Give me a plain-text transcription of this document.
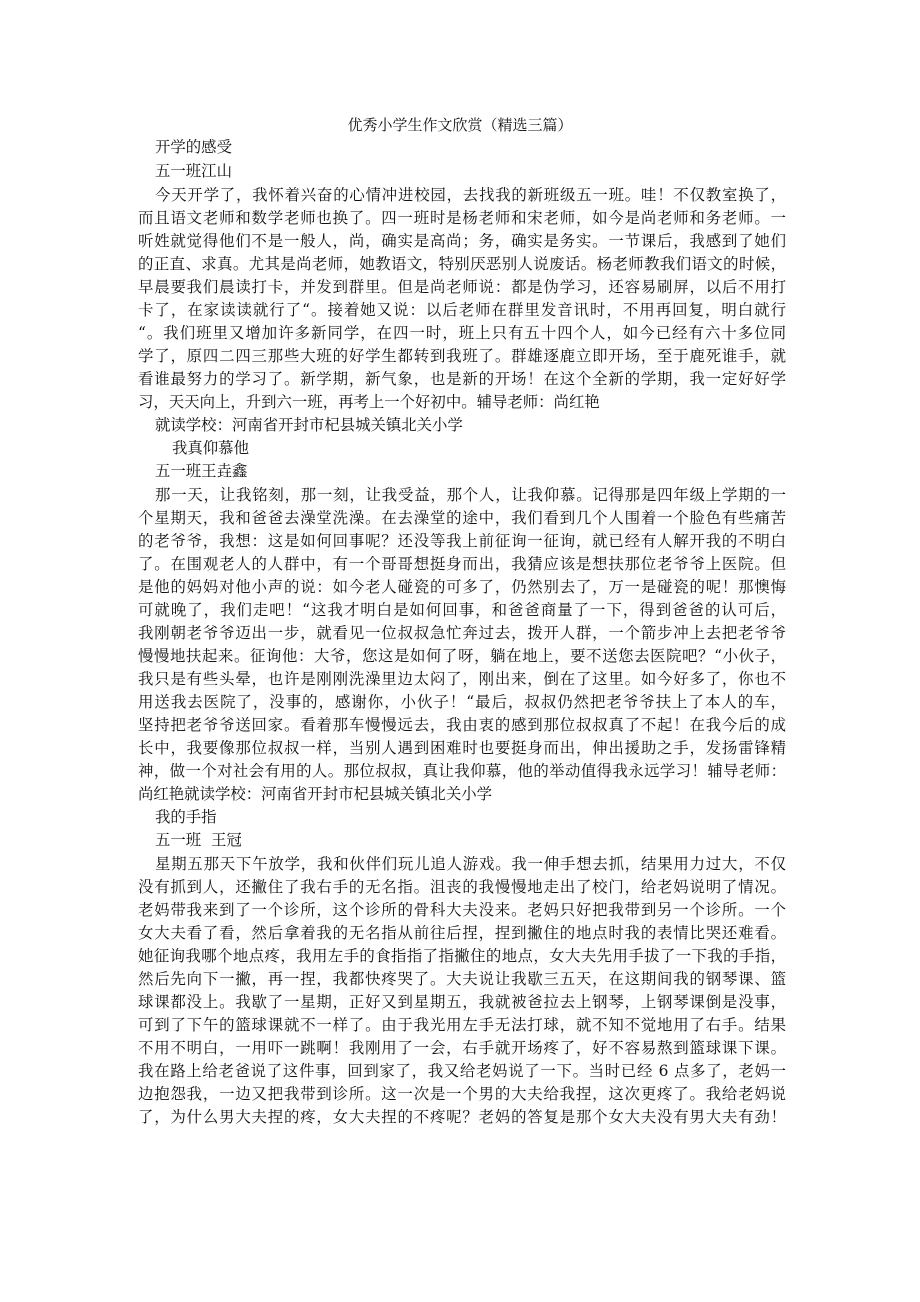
优秀小学生作文欣赏（精选三篇）

开学的感受

五一班江山

今天开学了，我怀着兴奋的心情冲进校园，去找我的新班级五一班。哇！不仅教室换了，

而且语文老师和数学老师也换了。四一班时是杨老师和宋老师，如今是尚老师和务老师。一

听姓就觉得他们不是一般人，尚，确实是高尚；务，确实是务实。一节课后，我感到了她们

的正直、求真。尤其是尚老师，她教语文，特别厌恶别人说废话。杨老师教我们语文的时候，

早晨要我们晨读打卡，并发到群里。但是尚老师说：都是伪学习，还容易刷屏，以后不用打

卡了，在家读读就行了“。接着她又说：以后老师在群里发音讯时，不用再回复，明白就行

“。我们班里又增加许多新同学，在四一时，班上只有五十四个人，如今已经有六十多位同

学了，原四二四三那些大班的好学生都转到我班了。群雄逐鹿立即开场，至于鹿死谁手，就

看谁最努力的学习了。新学期，新气象，也是新的开场！在这个全新的学期，我一定好好学

习，天天向上，升到六一班，再考上一个好初中。辅导老师：尚红艳

就读学校：河南省开封市杞县城关镇北关小学

我真仰慕他

五一班王垚鑫

那一天，让我铭刻，那一刻，让我受益，那个人，让我仰慕。记得那是四年级上学期的一

个星期天，我和爸爸去澡堂洗澡。在去澡堂的途中，我们看到几个人围着一个脸色有些痛苦

的老爷爷，我想：这是如何回事呢？还没等我上前征询一征询，就已经有人解开我的不明白

了。在围观老人的人群中，有一个哥哥想挺身而出，我猜应该是想扶那位老爷爷上医院。但

是他的妈妈对他小声的说：如今老人碰瓷的可多了，仍然别去了，万一是碰瓷的呢！那懊悔

可就晚了，我们走吧！“这我才明白是如何回事，和爸爸商量了一下，得到爸爸的认可后，

我刚朝老爷爷迈出一步，就看见一位叔叔急忙奔过去，拨开人群，一个箭步冲上去把老爷爷

慢慢地扶起来。征询他：大爷，您这是如何了呀，躺在地上，要不送您去医院吧？“小伙子，

我只是有些头晕，也许是刚刚洗澡里边太闷了，刚出来，倒在了这里。如今好多了，你也不

用送我去医院了，没事的，感谢你，小伙子！“最后，叔叔仍然把老爷爷扶上了本人的车，

坚持把老爷爷送回家。看着那车慢慢远去，我由衷的感到那位叔叔真了不起！在我今后的成

长中，我要像那位叔叔一样，当别人遇到困难时也要挺身而出，伸出援助之手，发扬雷锋精

神，做一个对社会有用的人。那位叔叔，真让我仰慕，他的举动值得我永远学习！辅导老师：

尚红艳就读学校：河南省开封市杞县城关镇北关小学

我的手指

五一班  王冠

星期五那天下午放学，我和伙伴们玩儿追人游戏。我一伸手想去抓，结果用力过大，不仅

没有抓到人，还撇住了我右手的无名指。沮丧的我慢慢地走出了校门，给老妈说明了情况。

老妈带我来到了一个诊所，这个诊所的骨科大夫没来。老妈只好把我带到另一个诊所。一个

女大夫看了看，然后拿着我的无名指从前往后捏，捏到撇住的地点时我的表情比哭还难看。

她征询我哪个地点疼，我用左手的食指指了指撇住的地点，女大夫先用手拔了一下我的手指，

然后先向下一撇，再一捏，我都快疼哭了。大夫说让我歇三五天，在这期间我的钢琴课、篮

球课都没上。我歇了一星期，正好又到星期五，我就被爸拉去上钢琴，上钢琴课倒是没事，

可到了下午的篮球课就不一样了。由于我光用左手无法打球，就不知不觉地用了右手。结果

不用不明白，一用吓一跳啊！我刚用了一会，右手就开场疼了，好不容易熬到篮球课下课。

我在路上给老爸说了这件事，回到家了，我又给老妈说了一下。当时已经 6 点多了，老妈一

边抱怨我，一边又把我带到诊所。这一次是一个男的大夫给我捏，这次更疼了。我给老妈说

了，为什么男大夫捏的疼，女大夫捏的不疼呢？老妈的答复是那个女大夫没有男大夫有劲！
